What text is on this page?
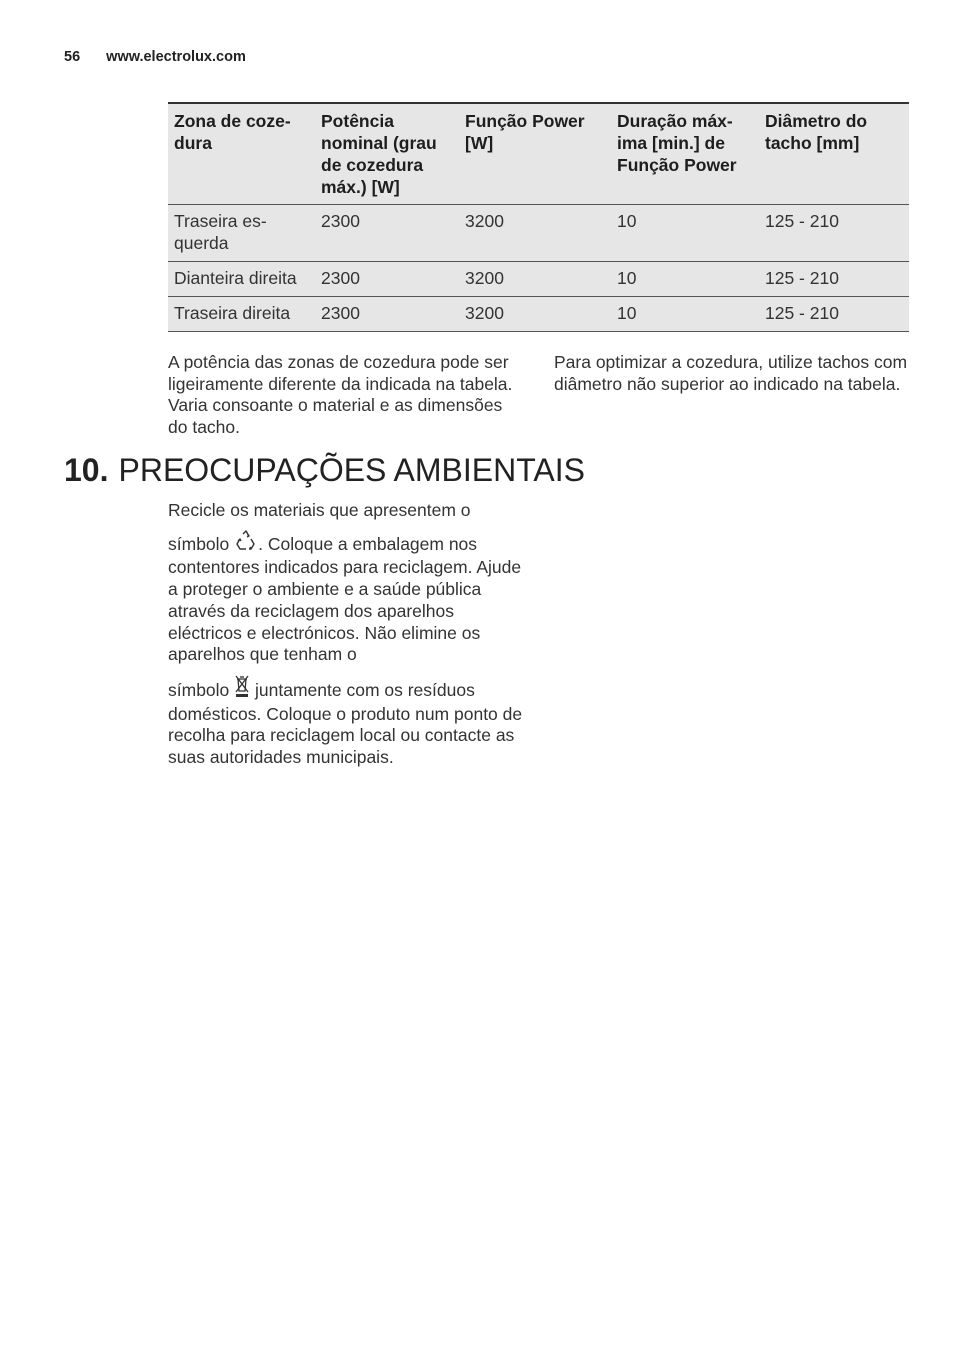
56 www.electrolux.com
Zona de coze- dura	Potência nominal (grau de cozedura máx.) [W]	Função Power [W]	Duração máx- ima [min.] de Função Power	Diâmetro do tacho [mm]
Traseira es- querda	2300	3200	10	125 - 210
Dianteira direita	2300	3200	10	125 - 210
Traseira direita	2300	3200	10	125 - 210

A potência das zonas de cozedura pode ser ligeiramente diferente da indicada na tabela. Varia consoante o material e as dimensões do tacho.

Para optimizar a cozedura, utilize tachos com diâmetro não superior ao indicado na tabela.

10. PREOCUPAÇÕES AMBIENTAIS

Recicle os materiais que apresentem o
símbolo . Coloque a embalagem nos contentores indicados para reciclagem. Ajude a proteger o ambiente e a saúde pública através da reciclagem dos aparelhos eléctricos e electrónicos. Não elimine os aparelhos que tenham o
símbolo  juntamente com os resíduos domésticos. Coloque o produto num ponto de recolha para reciclagem local ou contacte as suas autoridades municipais.
